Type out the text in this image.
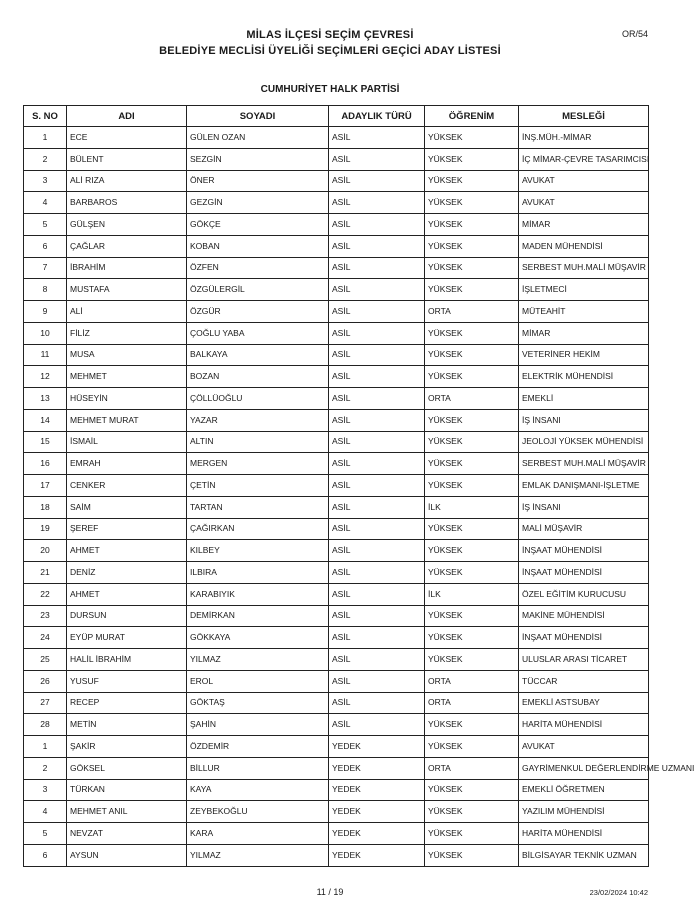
OR/54
MİLAS İLÇESİ SEÇİM ÇEVRESİ
BELEDİYE MECLİSİ ÜYELİĞİ SEÇİMLERİ GEÇİCİ ADAY LİSTESİ
CUMHURİYET HALK PARTİSİ
S. NO	ADI	SOYADI	ADAYLIK TÜRÜ	ÖĞRENİM	MESLEĞİ
1	ECE	GÜLEN OZAN	ASİL	YÜKSEK	İNŞ.MÜH.-MİMAR
2	BÜLENT	SEZGİN	ASİL	YÜKSEK	İÇ MİMAR-ÇEVRE TASARIMCISI
3	ALİ RIZA	ÖNER	ASİL	YÜKSEK	AVUKAT
4	BARBAROS	GEZGİN	ASİL	YÜKSEK	AVUKAT
5	GÜLŞEN	GÖKÇE	ASİL	YÜKSEK	MİMAR
6	ÇAĞLAR	KOBAN	ASİL	YÜKSEK	MADEN MÜHENDİSİ
7	İBRAHİM	ÖZFEN	ASİL	YÜKSEK	SERBEST MUH.MALİ MÜŞAVİR
8	MUSTAFA	ÖZGÜLERGİL	ASİL	YÜKSEK	İŞLETMECİ
9	ALİ	ÖZGÜR	ASİL	ORTA	MÜTEAHİT
10	FİLİZ	ÇOĞLU YABA	ASİL	YÜKSEK	MİMAR
11	MUSA	BALKAYA	ASİL	YÜKSEK	VETERİNER HEKİM
12	MEHMET	BOZAN	ASİL	YÜKSEK	ELEKTRİK MÜHENDİSİ
13	HÜSEYİN	ÇÖLLÜOĞLU	ASİL	ORTA	EMEKLİ
14	MEHMET MURAT	YAZAR	ASİL	YÜKSEK	İŞ İNSANI
15	İSMAİL	ALTIN	ASİL	YÜKSEK	JEOLOJİ YÜKSEK MÜHENDİSİ
16	EMRAH	MERGEN	ASİL	YÜKSEK	SERBEST MUH.MALİ MÜŞAVİR
17	CENKER	ÇETİN	ASİL	YÜKSEK	EMLAK DANIŞMANI-İŞLETME
18	SAİM	TARTAN	ASİL	İLK	İŞ İNSANI
19	ŞEREF	ÇAĞIRKAN	ASİL	YÜKSEK	MALİ MÜŞAVİR
20	AHMET	KILBEY	ASİL	YÜKSEK	İNŞAAT MÜHENDİSİ
21	DENİZ	ILBIRA	ASİL	YÜKSEK	İNŞAAT MÜHENDİSİ
22	AHMET	KARABIYIK	ASİL	İLK	ÖZEL EĞİTİM KURUCUSU
23	DURSUN	DEMİRKAN	ASİL	YÜKSEK	MAKİNE MÜHENDİSİ
24	EYÜP MURAT	GÖKKAYA	ASİL	YÜKSEK	İNŞAAT MÜHENDİSİ
25	HALİL İBRAHİM	YILMAZ	ASİL	YÜKSEK	ULUSLAR ARASI TİCARET
26	YUSUF	EROL	ASİL	ORTA	TÜCCAR
27	RECEP	GÖKTAŞ	ASİL	ORTA	EMEKLİ ASTSUBAY
28	METİN	ŞAHİN	ASİL	YÜKSEK	HARİTA MÜHENDİSİ
1	ŞAKİR	ÖZDEMİR	YEDEK	YÜKSEK	AVUKAT
2	GÖKSEL	BİLLUR	YEDEK	ORTA	GAYRİMENKUL DEĞERLENDİRME UZMANI
3	TÜRKAN	KAYA	YEDEK	YÜKSEK	EMEKLİ ÖĞRETMEN
4	MEHMET ANIL	ZEYBEKOĞLU	YEDEK	YÜKSEK	YAZILIM MÜHENDİSİ
5	NEVZAT	KARA	YEDEK	YÜKSEK	HARİTA MÜHENDİSİ
6	AYSUN	YILMAZ	YEDEK	YÜKSEK	BİLGİSAYAR TEKNİK UZMAN
11 / 19	23/02/2024 10:42
